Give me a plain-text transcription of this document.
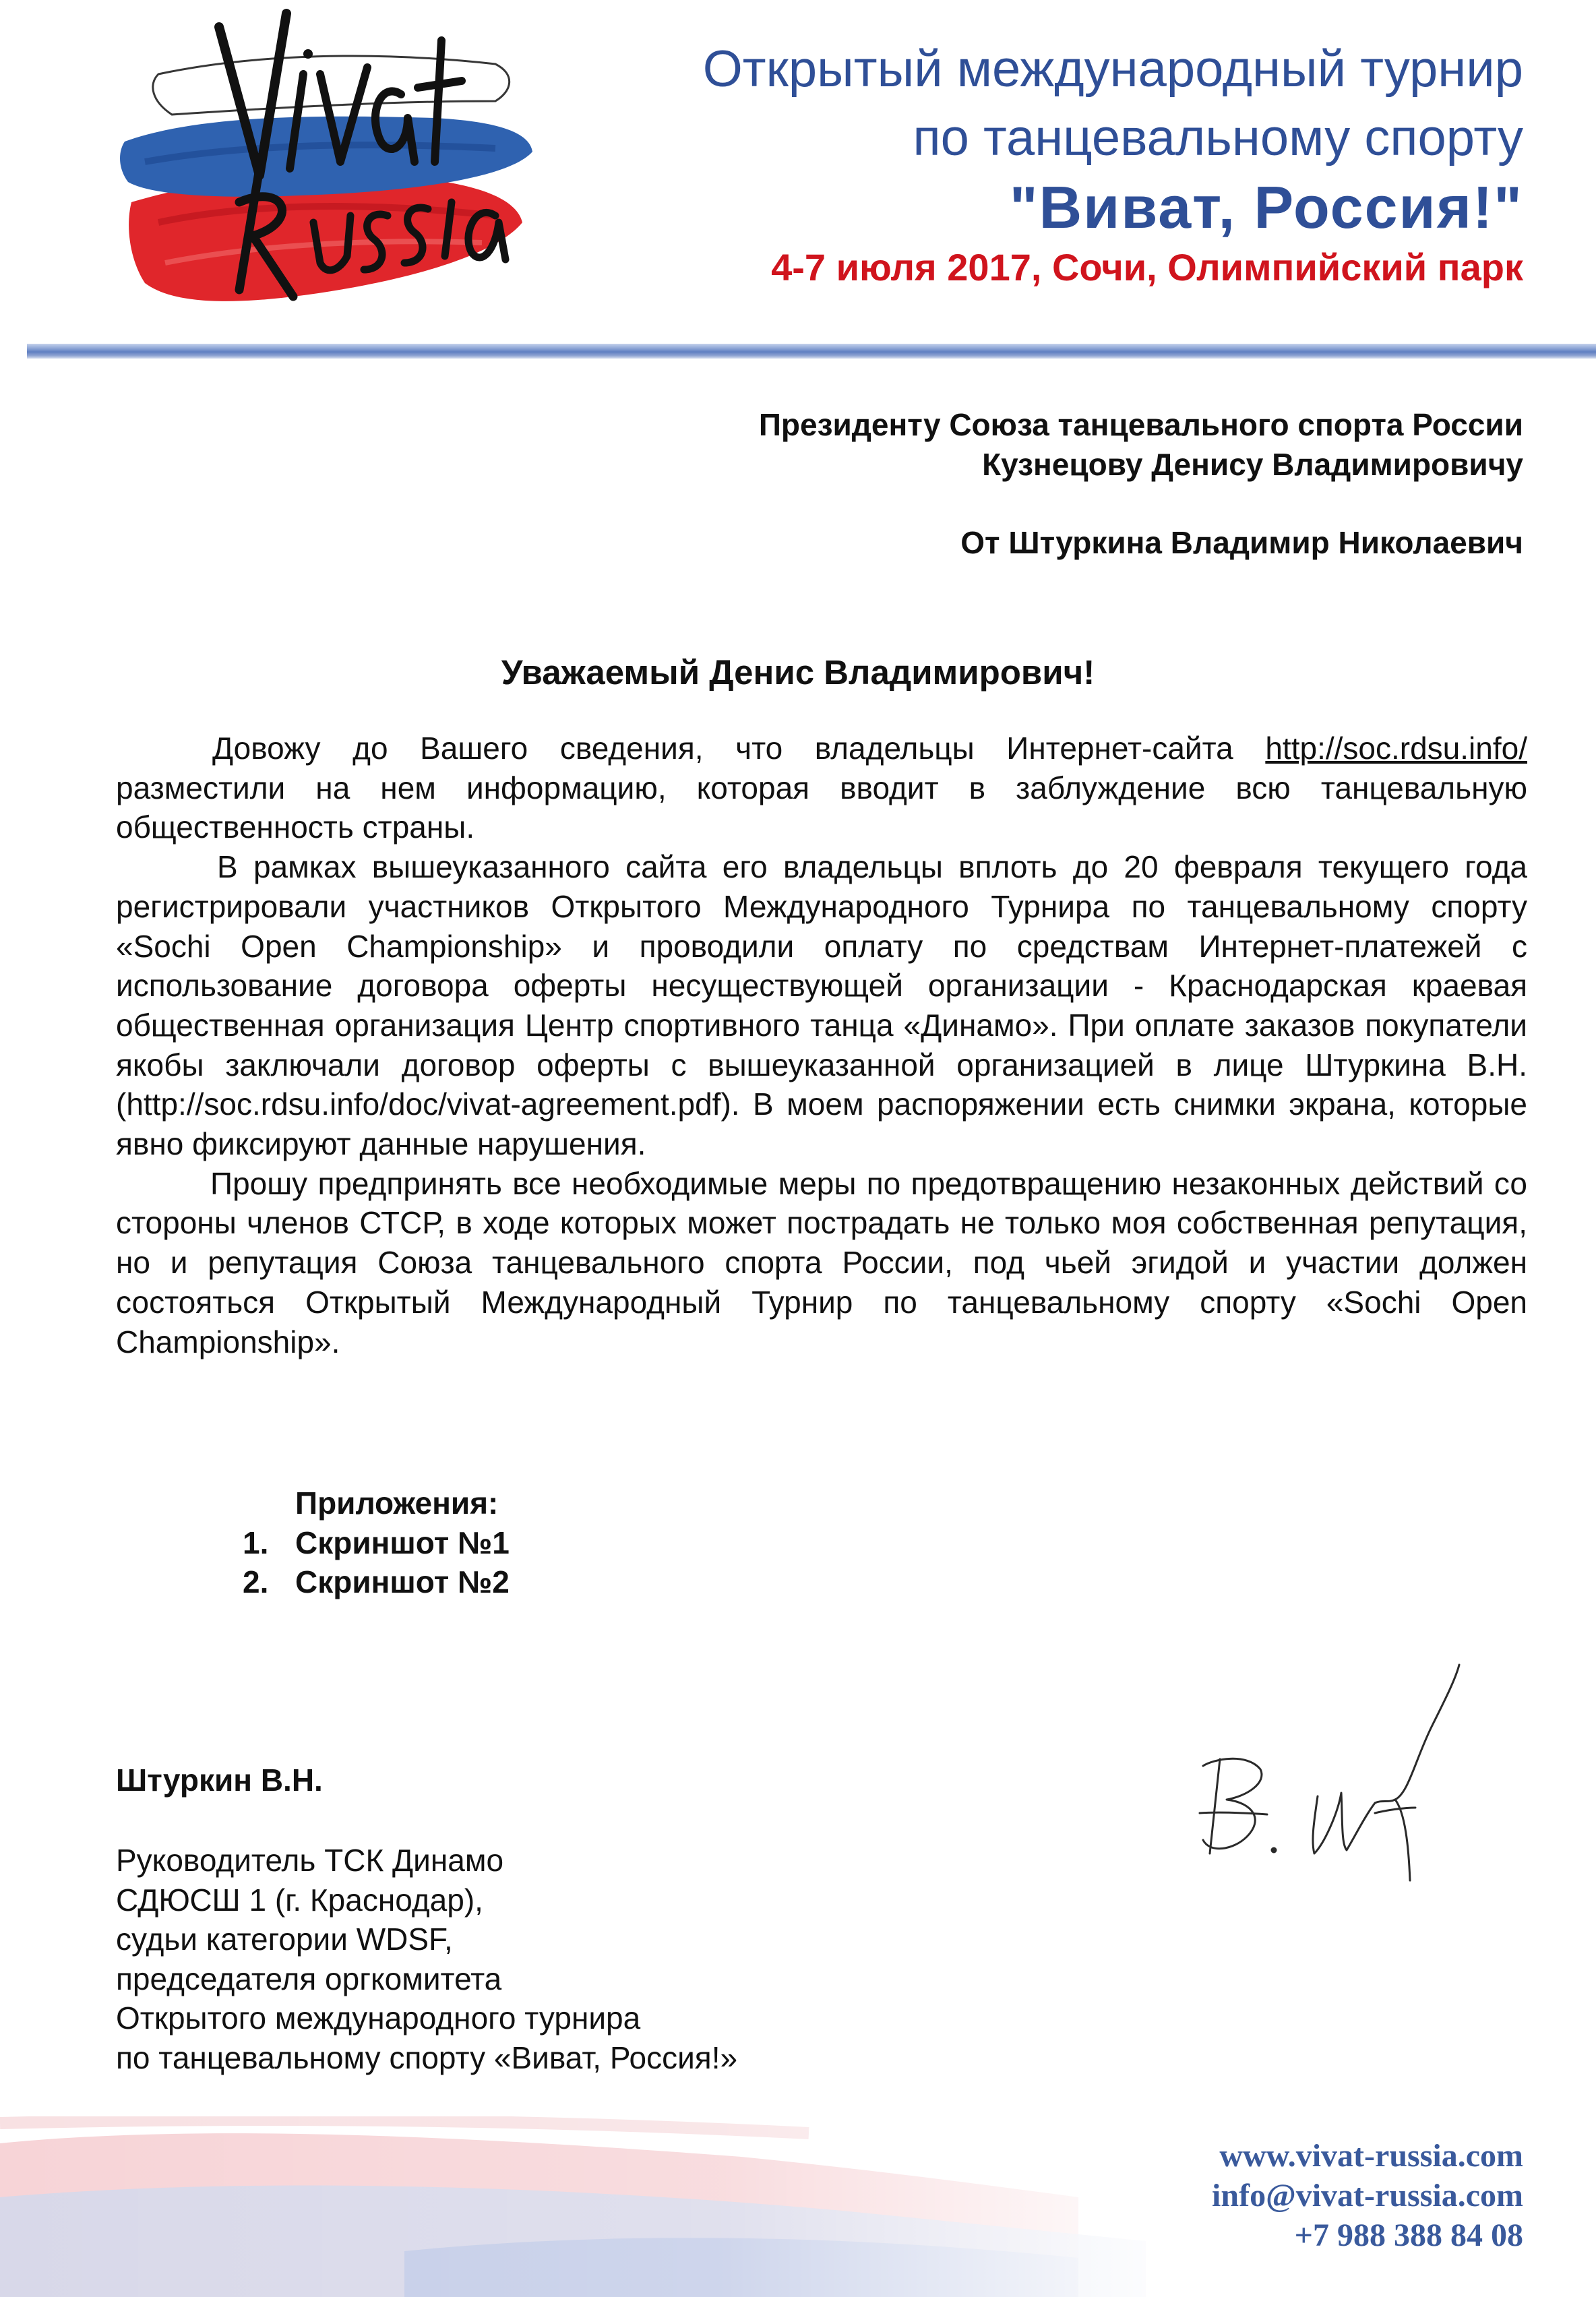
Открытый международный турнир
по танцевальному спорту
"Виват, Россия!"
4-7 июля 2017, Сочи, Олимпийский парк
Президенту Союза танцевального спорта России
Кузнецову Денису Владимировичу
От Штуркина Владимир Николаевич
Уважаемый Денис Владимирович!

Довожу до Вашего сведения, что владельцы Интернет-сайта http://soc.rdsu.info/ разместили на нем информацию, которая вводит в заблуждение всю танцевальную общественность страны.

В рамках вышеуказанного сайта его владельцы вплоть до 20 февраля текущего года регистрировали участников Открытого Международного Турнира по танцевальному спорту «Sochi Open Championship» и проводили оплату по средствам Интернет-платежей с использование договора оферты несуществующей организации - Краснодарская краевая общественная организация Центр спортивного танца «Динамо». При оплате заказов покупатели якобы заключали договор оферты с вышеуказанной организацией в лице Штуркина В.Н. (http://soc.rdsu.info/doc/vivat-agreement.pdf). В моем распоряжении есть снимки экрана, которые явно фиксируют данные нарушения.

Прошу предпринять все необходимые меры по предотвращению незаконных действий со стороны членов СТСР, в ходе которых может пострадать не только моя собственная репутация, но и репутация Союза танцевального спорта России, под чьей эгидой и участии должен состояться Открытый Международный Турнир по танцевальному спорту «Sochi Open Championship».

Приложения:
1. Скриншот №1
2. Скриншот №2
Штуркин В.Н.
Руководитель ТСК Динамо
СДЮСШ 1 (г. Краснодар),
судьи категории WDSF,
председателя оргкомитета
Открытого международного турнира
по танцевальному спорту «Виват, Россия!»
www.vivat-russia.com
info@vivat-russia.com
+7 988 388 84 08
